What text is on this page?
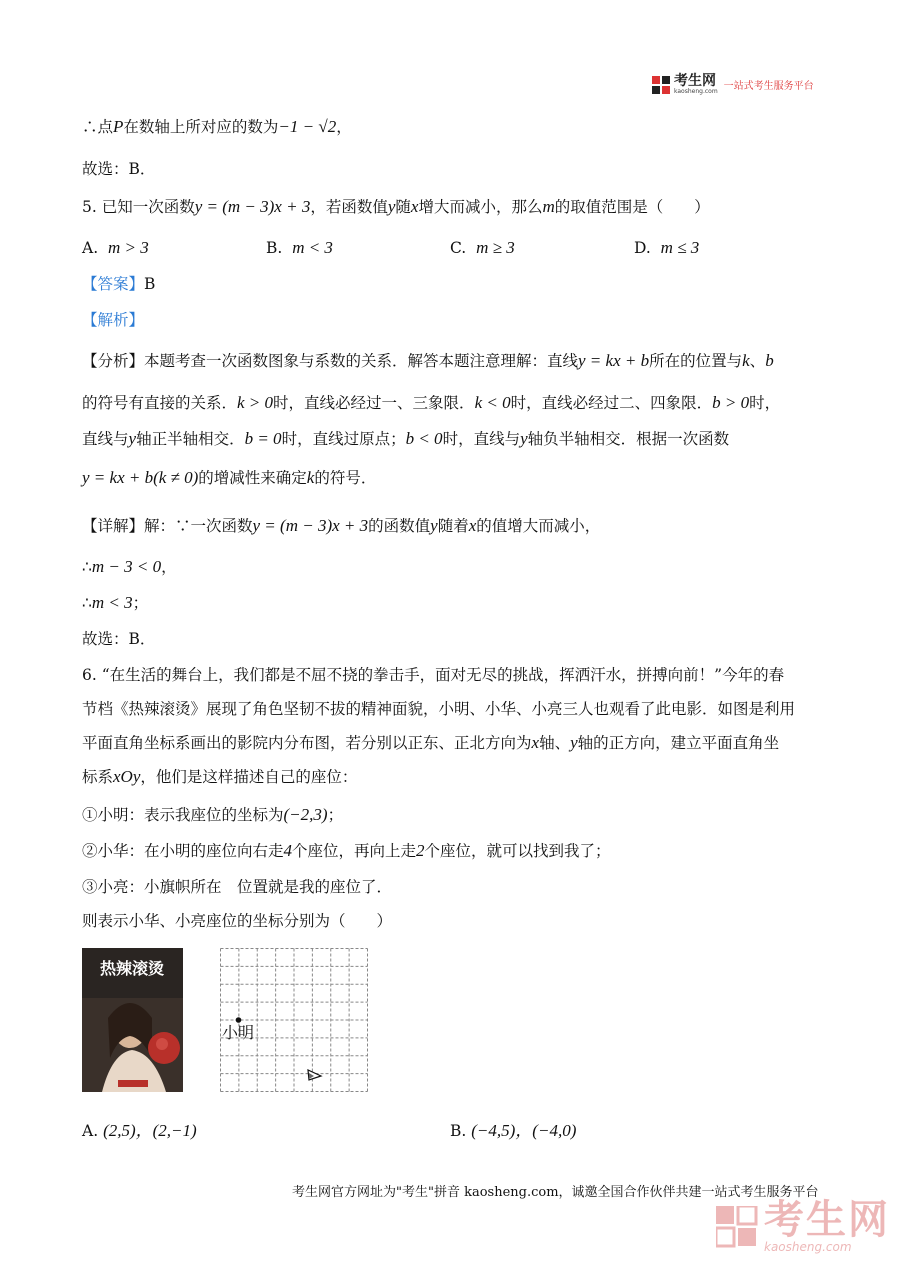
考生网
kaosheng.com 一站式考生服务平台
∴点P在数轴上所对应的数为−1 − √2，
故选：B．
5. 已知一次函数y = (m − 3)x + 3，若函数值y随x增大而减小，那么m的取值范围是（　　）
A. m > 3	B. m < 3	C. m ≥ 3	D. m ≤ 3
【答案】B
【解析】
【分析】本题考查一次函数图象与系数的关系．解答本题注意理解：直线y = kx + b所在的位置与k、b
的符号有直接的关系．k > 0时，直线必经过一、三象限．k < 0时，直线必经过二、四象限．b > 0时，
直线与y轴正半轴相交．b = 0时，直线过原点；b < 0时，直线与y轴负半轴相交．根据一次函数
y = kx + b(k ≠ 0)的增减性来确定k的符号．
【详解】解：∵一次函数y = (m − 3)x + 3的函数值y随着x的值增大而减小，
∴m − 3 < 0，
∴m < 3；
故选：B．
6. “在生活的舞台上，我们都是不屈不挠的拳击手，面对无尽的挑战，挥洒汗水，拼搏向前！”今年的春
节档《热辣滚烫》展现了角色坚韧不拔的精神面貌，小明、小华、小亮三人也观看了此电影．如图是利用
平面直角坐标系画出的影院内分布图，若分别以正东、正北方向为x轴、y轴的正方向，建立平面直角坐
标系xOy，他们是这样描述自己的座位：
①小明：表示我座位的坐标为(−2,3)；
②小华：在小明的座位向右走4个座位，再向上走2个座位，就可以找到我了；
③小亮：小旗帜所在　位置就是我的座位了．
则表示小华、小亮座位的坐标分别为（　　）
热辣滚烫
小明
A. (2,5)，(2,−1)	B. (−4,5)，(−4,0)
考生网官方网址为"考生"拼音 kaosheng.com，诚邀全国合作伙伴共建一站式考生服务平台
考生网
kaosheng.com
